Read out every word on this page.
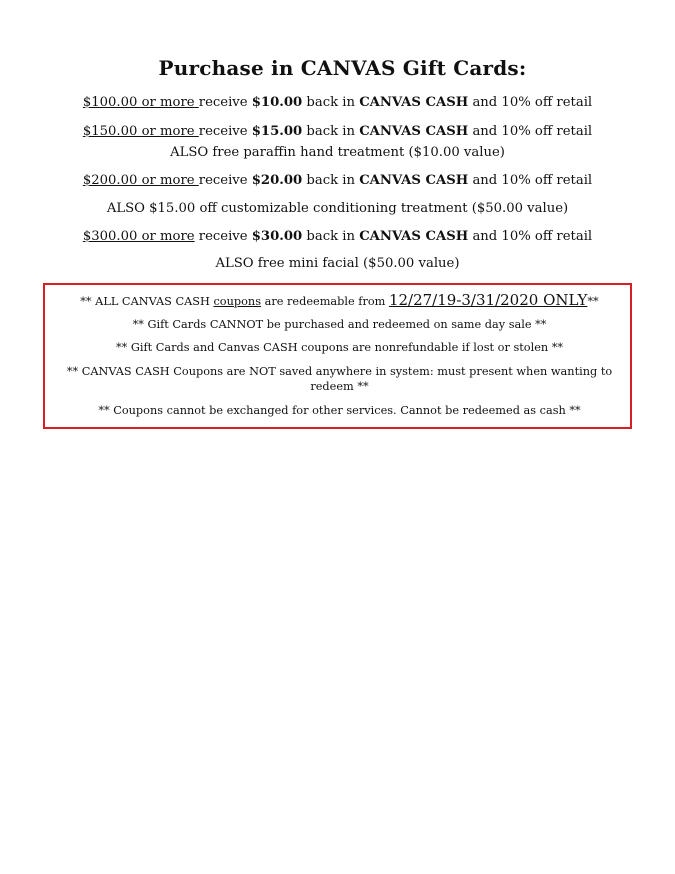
Purchase in CANVAS Gift Cards:
$100.00 or more receive $10.00 back in CANVAS CASH and 10% off retail
$150.00 or more receive $15.00 back in CANVAS CASH and 10% off retail
ALSO free paraffin hand treatment ($10.00 value)
$200.00 or more receive $20.00 back in CANVAS CASH and 10% off retail
ALSO $15.00 off customizable conditioning treatment ($50.00 value)
$300.00 or more receive $30.00 back in CANVAS CASH and 10% off retail
ALSO free mini facial ($50.00 value)
** ALL CANVAS CASH coupons are redeemable from 12/27/19-3/31/2020 ONLY**
** Gift Cards CANNOT be purchased and redeemed on same day sale **
** Gift Cards and Canvas CASH coupons are nonrefundable if lost or stolen **
** CANVAS CASH Coupons are NOT saved anywhere in system: must present when wanting to redeem **
** Coupons cannot be exchanged for other services. Cannot be redeemed as cash **
